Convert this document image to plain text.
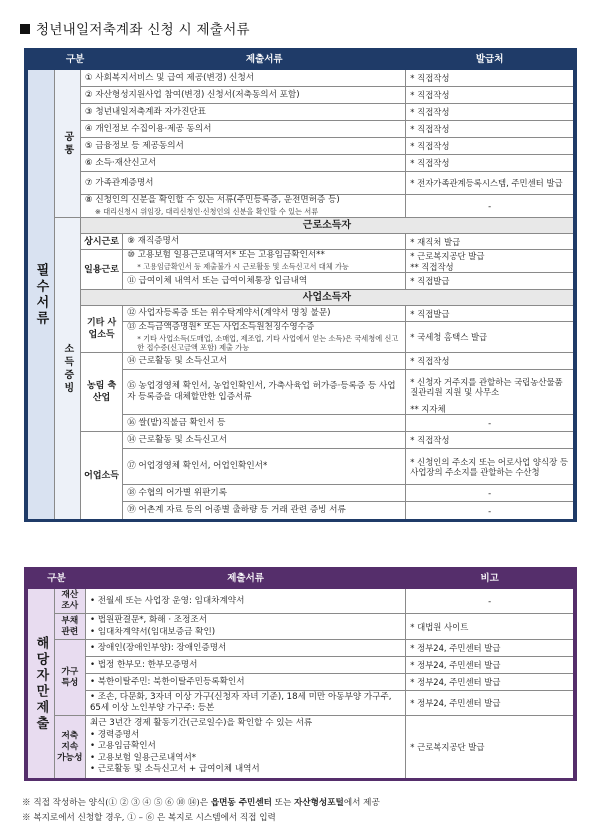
청년내일저축계좌 신청 시 제출서류
구분			제출서류	발급처
필수서류	공통	① 사회복지서비스 및 급여 제공(변경) 신청서		* 직접작성
		② 자산형성지원사업 참여(변경) 신청서(저축동의서 포함)		* 직접작성
		③ 청년내일저축계좌 자가진단표		* 직접작성
		④ 개인정보 수집이용·제공 동의서		* 직접작성
		⑤ 금융정보 등 제공동의서		* 직접작성
		⑥ 소득·재산신고서		* 직접작성
		⑦ 가족관계증명서		* 전자가족관계등록시스템, 주민센터 발급
		⑧ 신청인의 신분을 확인할 수 있는 서류(주민등록증, 운전면허증 등)		-
		※ 대리신청시 위임장, 대리신청인·신청인의 신분을 확인할 수 있는 서류		
	소득증빙	근로소득자		
		상시근로	⑨ 재직증명서	* 재직처 발급
		일용근로	⑩ 고용보험 일용근로내역서* 또는 고용임금확인서**	* 근로복지공단 발급
			* 고용임금확인서 등 제출불가 시 근로활동 및 소득신고서 대체 가능	** 직접작성
			⑪ 급여이체 내역서 또는 급여이체통장 입금내역	* 직접발급
		사업소득자		
		기타 사업소득	⑫ 사업자등록증 또는 위수탁계약서(계약서 명칭 불문)	* 직접발급
			⑬ 소득금액증명원* 또는 사업소득원천징수영수증	* 국세청 홈택스 발급
			* 기타 사업소득(도매업, 소매업, 제조업, 기타 사업에서 얻는 소득)은 국세청에 신고한 접수증(신고금액 포함) 제출 가능	
		농림 축산업	⑭ 근로활동 및 소득신고서	* 직접작성
			⑮ 농업경영체 확인서, 농업인확인서, 가축사육업 허가증·등록증 등 사업자 등록증을 대체할만한 입증서류	* 신청자 거주지를 관할하는 국립농산물품질관리원 지원 및 사무소
				** 지자체
			⑯ 쌀(밭)직불금 확인서 등	-
		어업소득	⑭ 근로활동 및 소득신고서	* 직접작성
			⑰ 어업경영체 확인서, 어업인확인서*	* 신청인의 주소지 또는 어로사업 양식장 등 사업장의 주소지를 관할하는 수산청
			⑱ 수협의 어가별 위판기록	-
			⑲ 어촌계 자료 등의 어종별 출하량 등 거래 관련 증빙 서류	-
구분		제출서류	비고
해당자만제출	재산 조사	• 전월세 또는 사업장 운영: 임대차계약서	-
	부채 관련	• 법원판결문*, 화해 · 조정조서	* 대법원 사이트
		• 임대차계약서(임대보증금 확인)	
	가구 특성	• 장애인(장애인부양): 장애인증명서	* 정부24, 주민센터 발급
		• 법정 한부모: 한부모증명서	* 정부24, 주민센터 발급
		• 북한이탈주민: 북한이탈주민등록확인서	* 정부24, 주민센터 발급
		• 조손, 다문화, 3자녀 이상 가구(신청자 자녀 기준), 18세 미만 아동부양 가구주, 65세 이상 노인부양 가구주: 등본	* 정부24, 주민센터 발급
	저축 지속 가능성	최근 3년간 경제 활동기간(근로일수)을 확인할 수 있는 서류
• 경력증명서
• 고용임금확인서
• 고용보험 일용근로내역서*
• 근로활동 및 소득신고서 + 급여이체 내역서	* 근로복지공단 발급
※ 직접 작성하는 양식(① ② ③ ④ ⑤ ⑥ ⑩ ⑭)은 읍면동 주민센터 또는 자산형성포털에서 제공
※ 복지로에서 신청할 경우, ① – ⑥ 은 복지로 시스템에서 직접 입력
